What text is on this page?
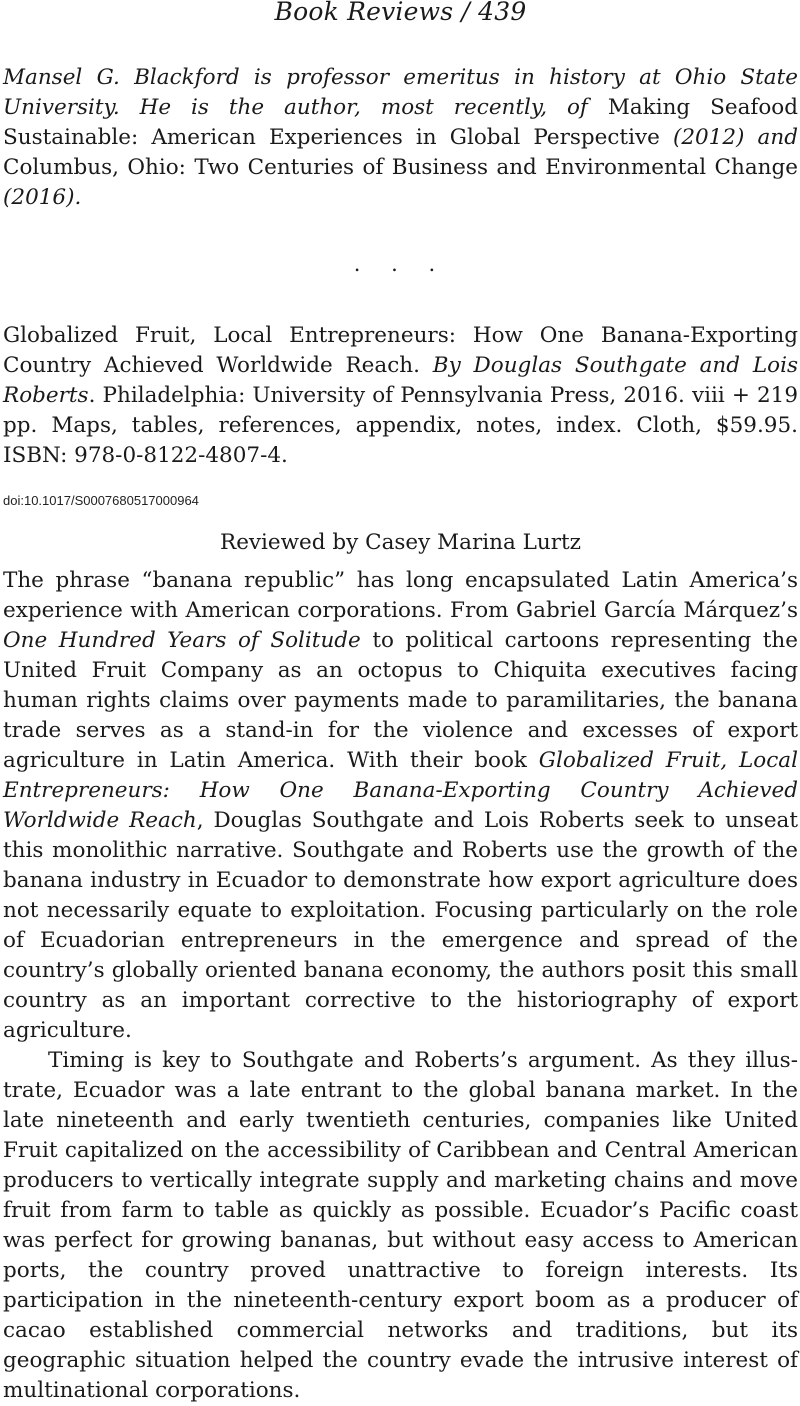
Book Reviews / 439

Mansel G. Blackford is professor emeritus in history at Ohio State University. He is the author, most recently, of Making Seafood Sustainable: American Experiences in Global Perspective (2012) and Columbus, Ohio: Two Centuries of Business and Environmental Change (2016).

. . .

Globalized Fruit, Local Entrepreneurs: How One Banana-Exporting Country Achieved Worldwide Reach. By Douglas Southgate and Lois Roberts. Philadelphia: University of Pennsylvania Press, 2016. viii + 219 pp. Maps, tables, references, appendix, notes, index. Cloth, $59.95. ISBN: 978-0-8122-4807-4.

doi:10.1017/S0007680517000964
Reviewed by Casey Marina Lurtz

The phrase “banana republic” has long encapsulated Latin America’s experience with American corporations. From Gabriel García Márquez’s One Hundred Years of Solitude to political cartoons representing the United Fruit Company as an octopus to Chiquita executives facing human rights claims over payments made to paramilitaries, the banana trade serves as a stand-in for the violence and excesses of export agriculture in Latin America. With their book Globalized Fruit, Local Entrepreneurs: How One Banana-Exporting Country Achieved Worldwide Reach, Douglas Southgate and Lois Roberts seek to unseat this monolithic narrative. Southgate and Roberts use the growth of the banana industry in Ecuador to demonstrate how export agriculture does not necessarily equate to exploitation. Focusing particularly on the role of Ecuadorian entrepreneurs in the emergence and spread of the country’s globally oriented banana economy, the authors posit this small country as an important corrective to the historiography of export agriculture.

Timing is key to Southgate and Roberts’s argument. As they illustrate, Ecuador was a late entrant to the global banana market. In the late nineteenth and early twentieth centuries, companies like United Fruit capitalized on the accessibility of Caribbean and Central American producers to vertically integrate supply and marketing chains and move fruit from farm to table as quickly as possible. Ecuador’s Pacific coast was perfect for growing bananas, but without easy access to American ports, the country proved unattractive to foreign interests. Its participation in the nineteenth-century export boom as a producer of cacao established commercial networks and traditions, but its geographic situation helped the country evade the intrusive interest of multinational corporations.
